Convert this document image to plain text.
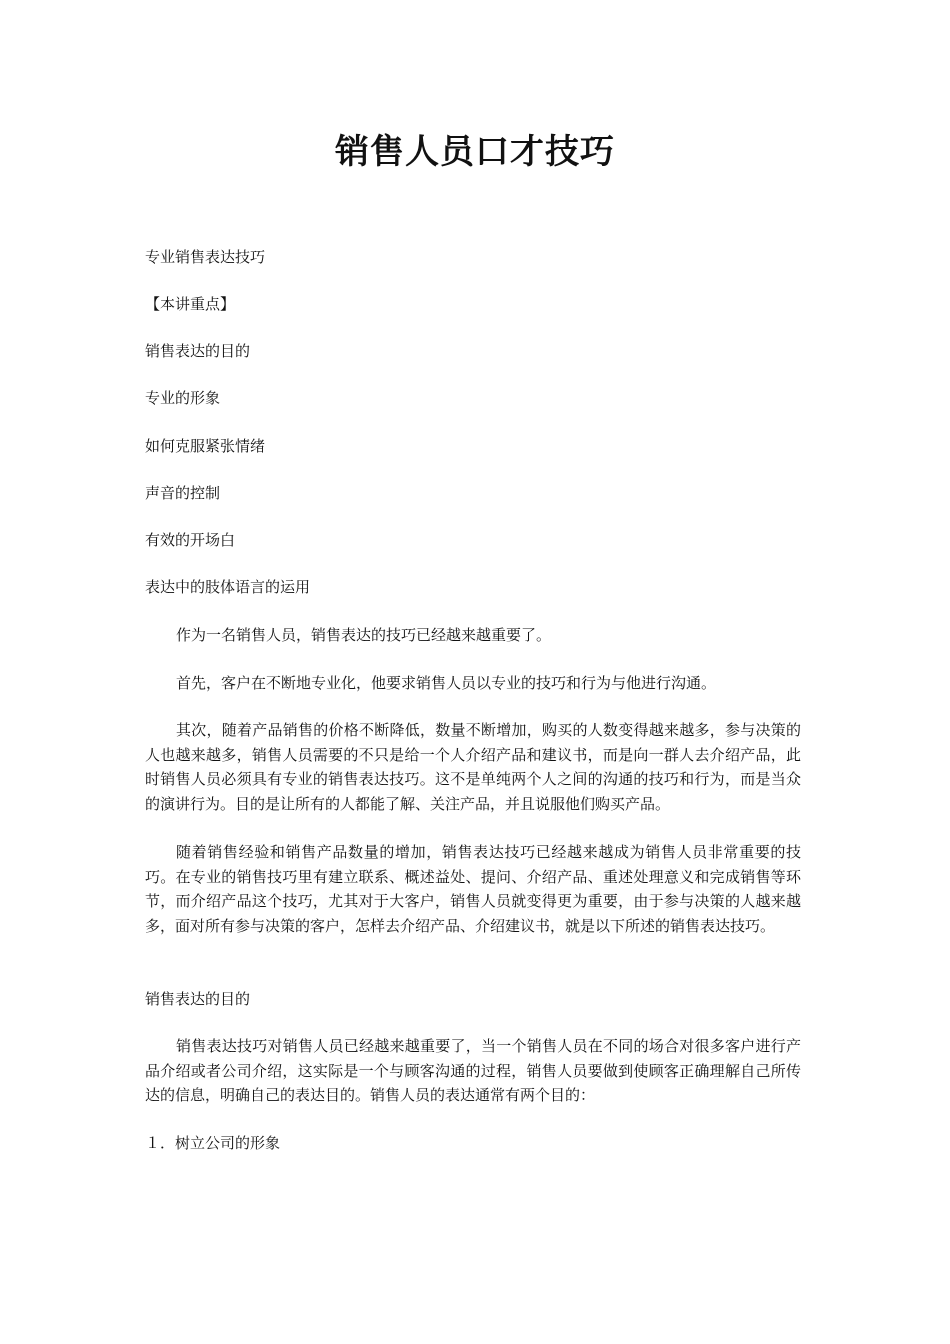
销售人员口才技巧

专业销售表达技巧

【本讲重点】

销售表达的目的

专业的形象

如何克服紧张情绪

声音的控制

有效的开场白

表达中的肢体语言的运用

作为一名销售人员，销售表达的技巧已经越来越重要了。

首先，客户在不断地专业化，他要求销售人员以专业的技巧和行为与他进行沟通。

其次，随着产品销售的价格不断降低，数量不断增加，购买的人数变得越来越多，参与决策的人也越来越多，销售人员需要的不只是给一个人介绍产品和建议书，而是向一群人去介绍产品，此时销售人员必须具有专业的销售表达技巧。这不是单纯两个人之间的沟通的技巧和行为，而是当众的演讲行为。目的是让所有的人都能了解、关注产品，并且说服他们购买产品。

随着销售经验和销售产品数量的增加，销售表达技巧已经越来越成为销售人员非常重要的技巧。在专业的销售技巧里有建立联系、概述益处、提问、介绍产品、重述处理意义和完成销售等环节，而介绍产品这个技巧，尤其对于大客户，销售人员就变得更为重要，由于参与决策的人越来越多，面对所有参与决策的客户，怎样去介绍产品、介绍建议书，就是以下所述的销售表达技巧。

销售表达的目的

销售表达技巧对销售人员已经越来越重要了，当一个销售人员在不同的场合对很多客户进行产品介绍或者公司介绍，这实际是一个与顾客沟通的过程，销售人员要做到使顾客正确理解自己所传达的信息，明确自己的表达目的。销售人员的表达通常有两个目的：

１．树立公司的形象
